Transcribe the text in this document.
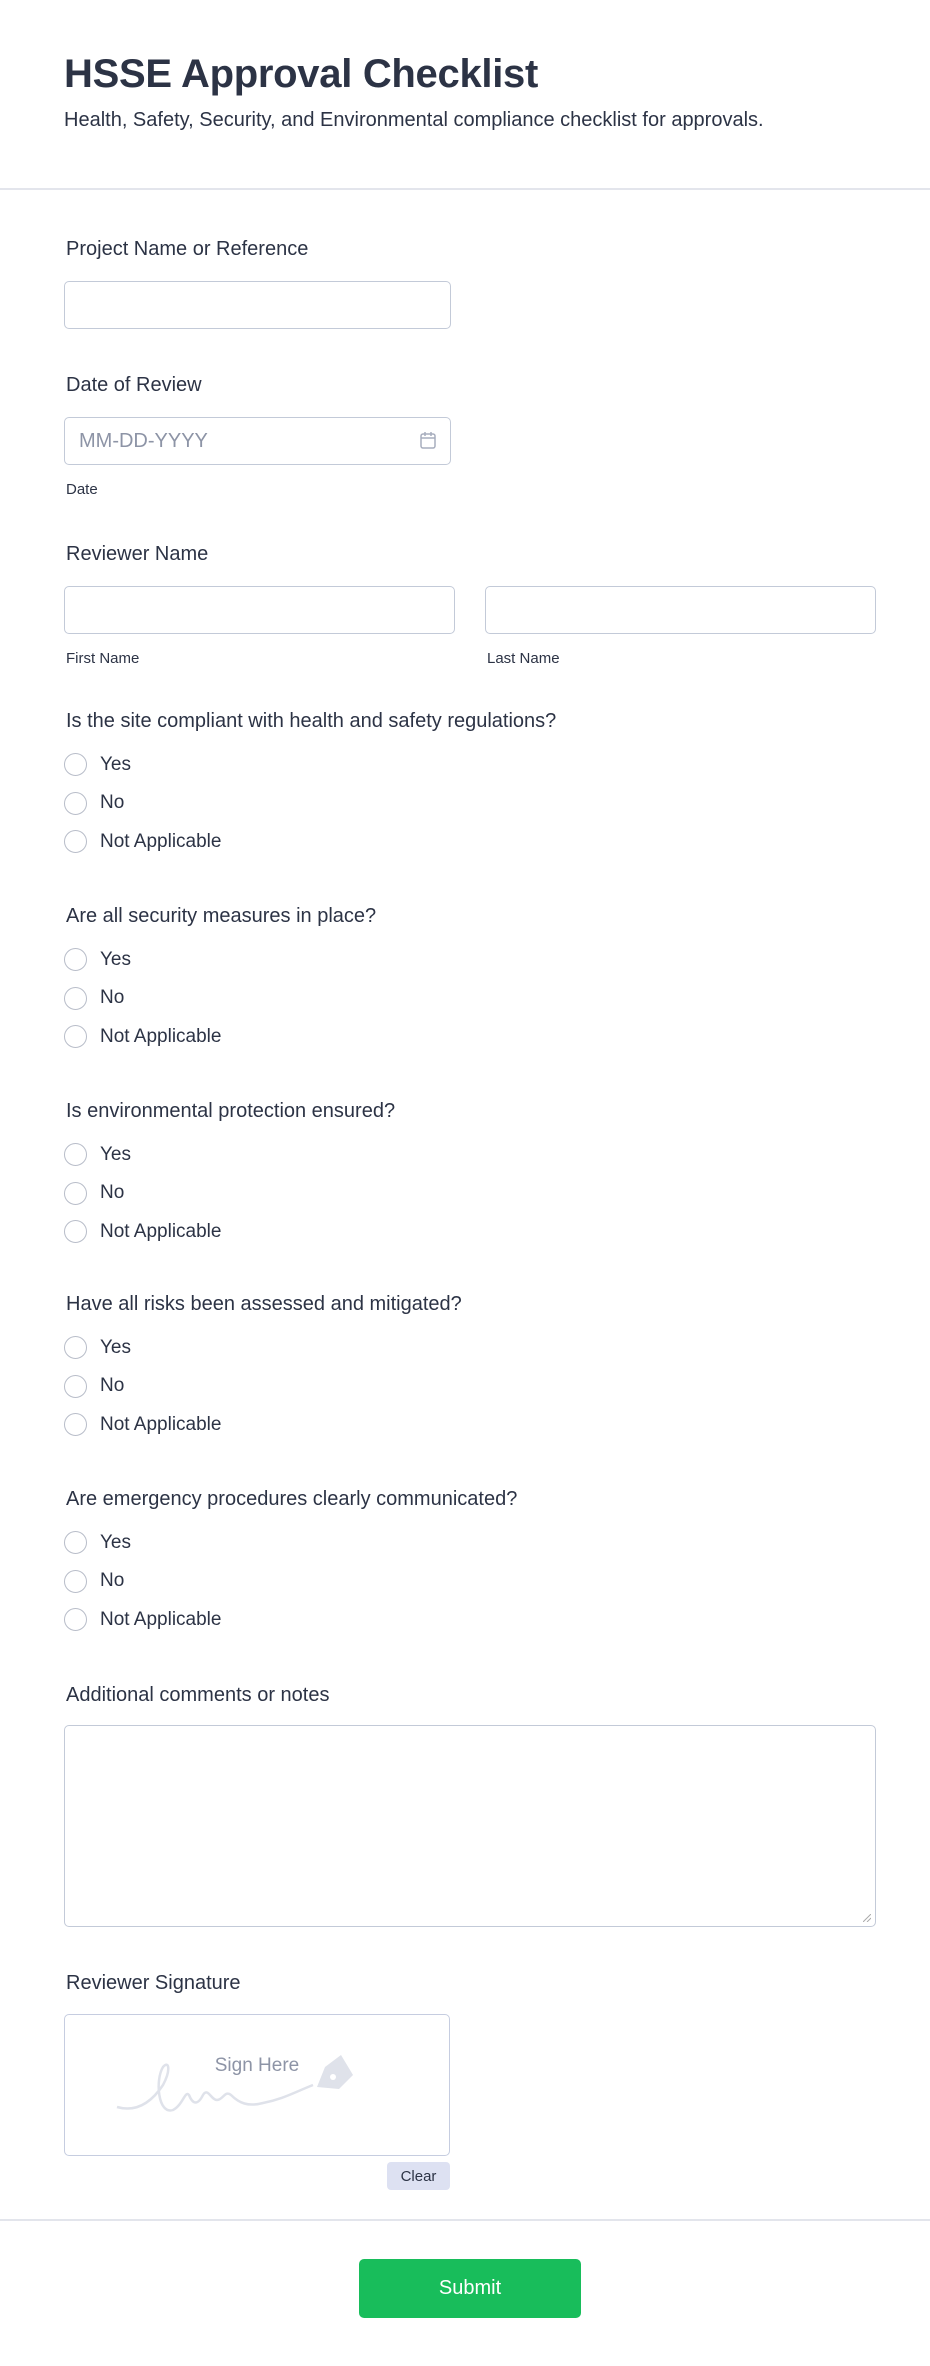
HSSE Approval Checklist
Health, Safety, Security, and Environmental compliance checklist for approvals.
Project Name or Reference
Date of Review
MM-DD-YYYY
Date
Reviewer Name
First Name	Last Name
Is the site compliant with health and safety regulations?
Yes
No
Not Applicable
Are all security measures in place?
Yes
No
Not Applicable
Is environmental protection ensured?
Yes
No
Not Applicable
Have all risks been assessed and mitigated?
Yes
No
Not Applicable
Are emergency procedures clearly communicated?
Yes
No
Not Applicable
Additional comments or notes
Reviewer Signature
Sign Here
Clear
Submit
